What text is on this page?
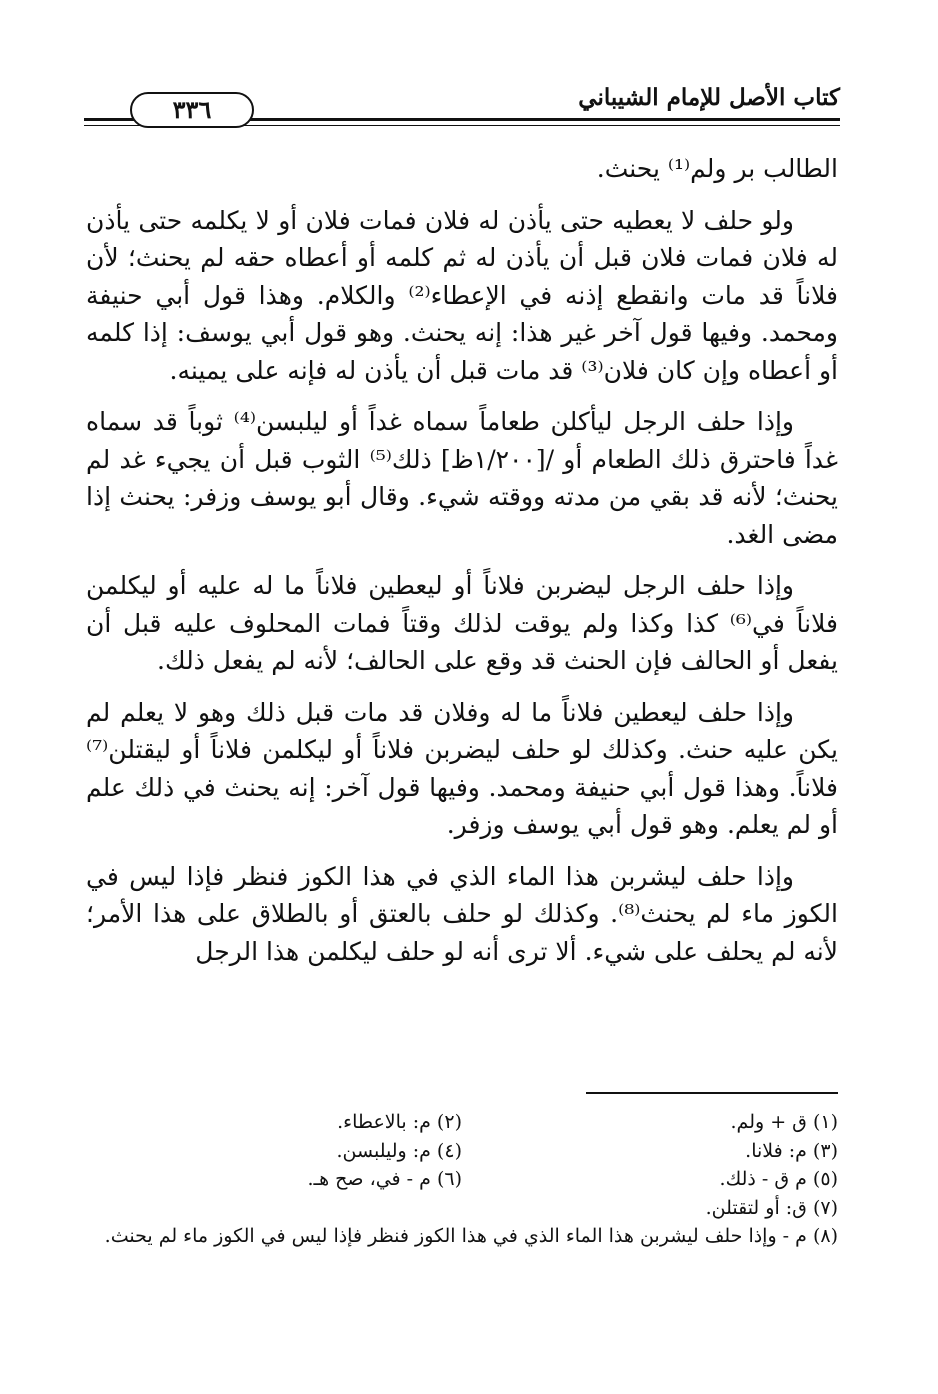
كتاب الأصل للإمام الشيباني
٣٣٦

الطالب بر ولم⁽¹⁾ يحنث.

ولو حلف لا يعطيه حتى يأذن له فلان فمات فلان أو لا يكلمه حتى يأذن له فلان فمات فلان قبل أن يأذن له ثم كلمه أو أعطاه حقه لم يحنث؛ لأن فلاناً قد مات وانقطع إذنه في الإعطاء⁽²⁾ والكلام. وهذا قول أبي حنيفة ومحمد. وفيها قول آخر غير هذا: إنه يحنث. وهو قول أبي يوسف: إذا كلمه أو أعطاه وإن كان فلان⁽³⁾ قد مات قبل أن يأذن له فإنه على يمينه.

وإذا حلف الرجل ليأكلن طعاماً سماه غداً أو ليلبسن⁽⁴⁾ ثوباً قد سماه غداً فاحترق ذلك الطعام أو /[١/٢٠٠ظ] ذلك⁽⁵⁾ الثوب قبل أن يجيء غد لم يحنث؛ لأنه قد بقي من مدته ووقته شيء. وقال أبو يوسف وزفر: يحنث إذا مضى الغد.

وإذا حلف الرجل ليضربن فلاناً أو ليعطين فلاناً ما له عليه أو ليكلمن فلاناً في⁽⁶⁾ كذا وكذا ولم يوقت لذلك وقتاً فمات المحلوف عليه قبل أن يفعل أو الحالف فإن الحنث قد وقع على الحالف؛ لأنه لم يفعل ذلك.

وإذا حلف ليعطين فلاناً ما له وفلان قد مات قبل ذلك وهو لا يعلم لم يكن عليه حنث. وكذلك لو حلف ليضربن فلاناً أو ليكلمن فلاناً أو ليقتلن⁽⁷⁾ فلاناً. وهذا قول أبي حنيفة ومحمد. وفيها قول آخر: إنه يحنث في ذلك علم أو لم يعلم. وهو قول أبي يوسف وزفر.

وإذا حلف ليشربن هذا الماء الذي في هذا الكوز فنظر فإذا ليس في الكوز ماء لم يحنث⁽⁸⁾. وكذلك لو حلف بالعتق أو بالطلاق على هذا الأمر؛ لأنه لم يحلف على شيء. ألا ترى أنه لو حلف ليكلمن هذا الرجل

(١) ق + ولم.
(٢) م: بالاعطاء.
(٣) م: فلانا.
(٤) م: وليلبسن.
(٥) م ق - ذلك.
(٦) م - في، صح هـ.
(٧) ق: أو لتقتلن.
(٨) م - وإذا حلف ليشربن هذا الماء الذي في هذا الكوز فنظر فإذا ليس في الكوز ماء لم يحنث.
